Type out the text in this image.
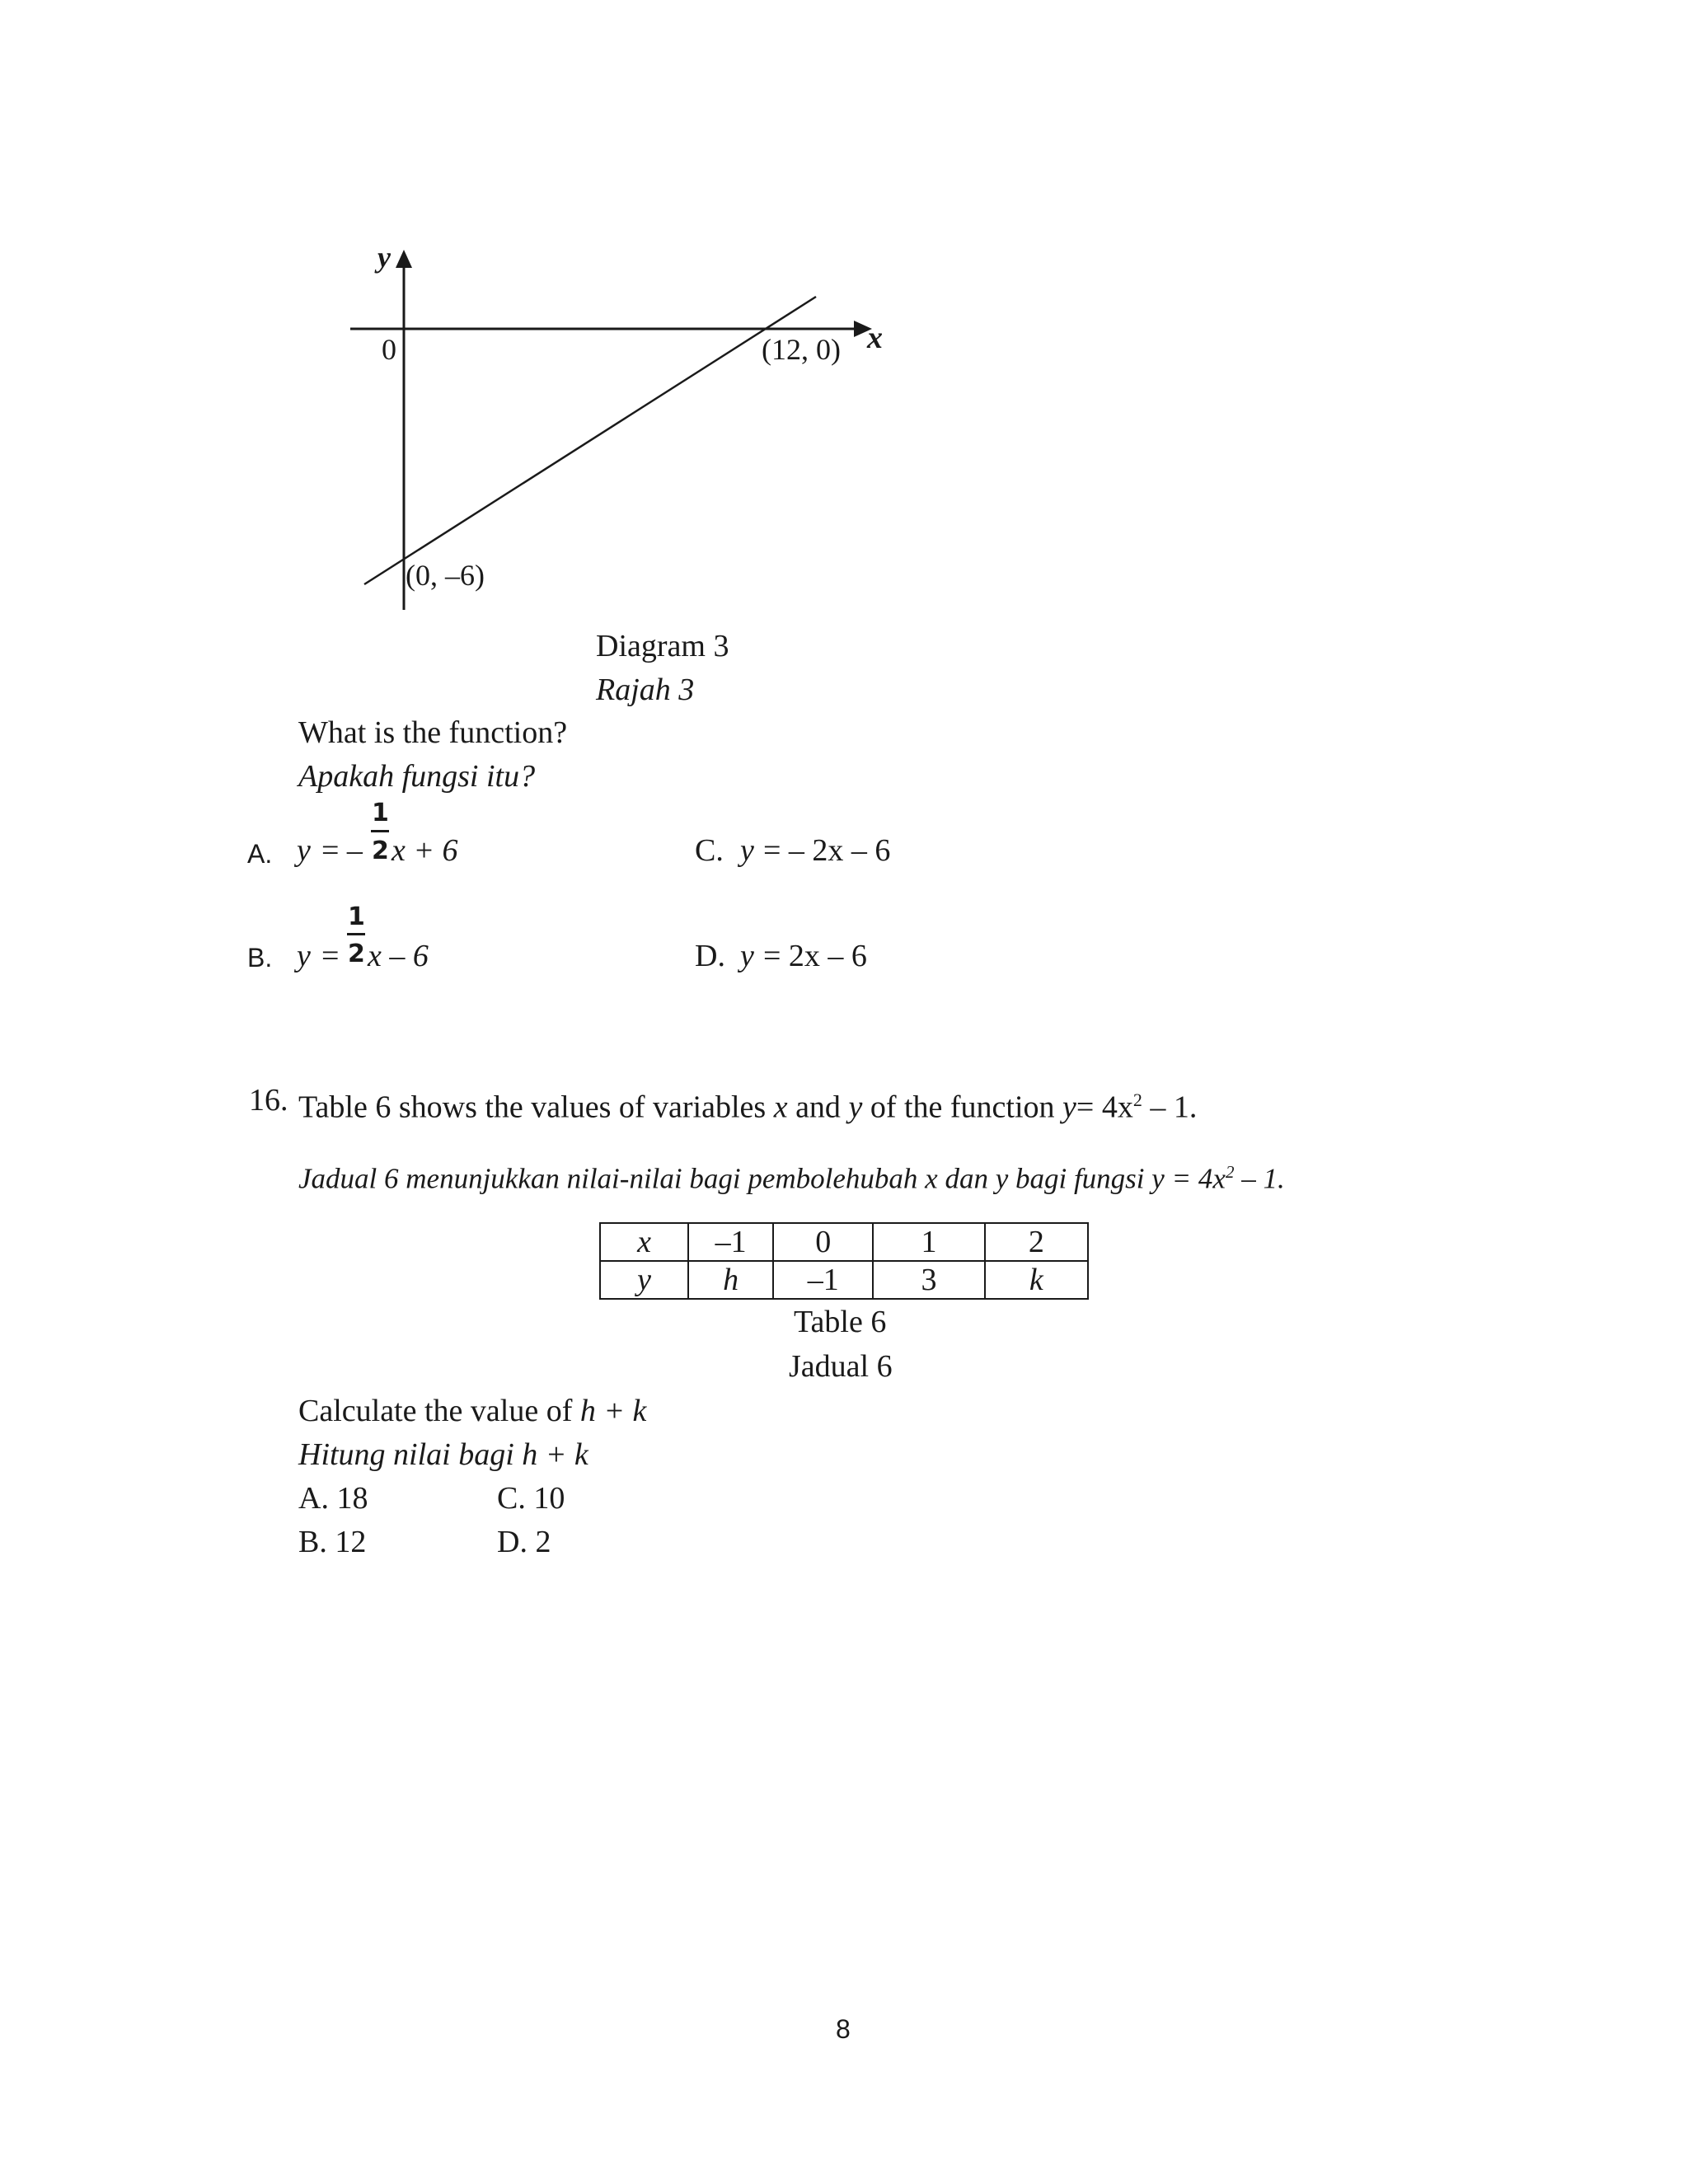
y
x
0	(12, 0)
(0, –6)
Diagram 3
Rajah 3
What is the function?
Apakah fungsi itu?
A. y = –
1
2 x + 6
B. y =
1
2 x – 6
C. y = – 2x – 6
D. y = 2x – 6
16. Table 6 shows the values of variables x and y of the function $y= 4x^2 - 1$.
Jadual 6 menunjukkan nilai-nilai bagi pembolehubah x dan y bagi fungsi $y = 4x^2 - 1$.
x	–1	0	1	2
y	h	–1	3	k
Table 6
Jadual 6
Calculate the value of h + k
Hitung nilai bagi h + k
A. 18	C. 10
B. 12	D. 2
8
